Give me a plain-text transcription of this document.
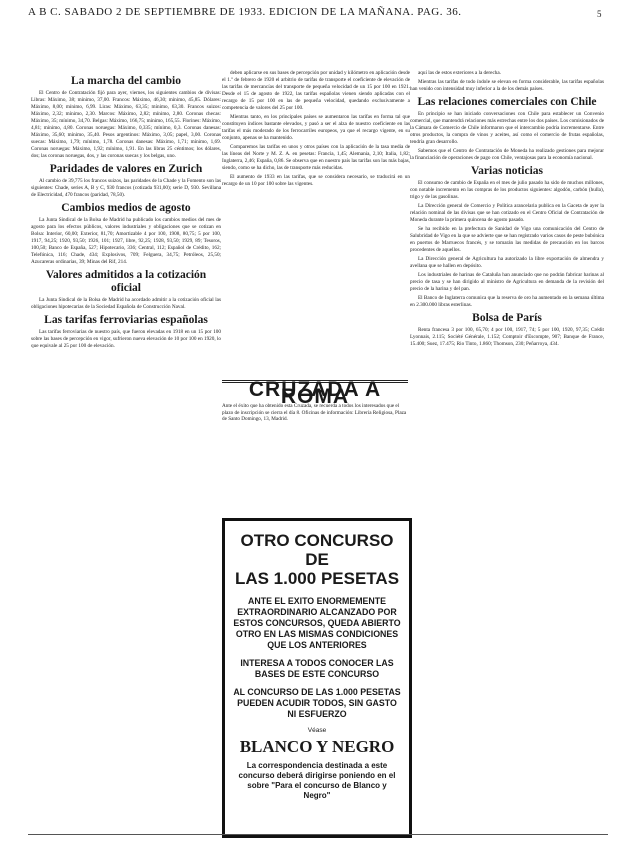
A B C. SABADO 2 DE SEPTIEMBRE DE 1933. EDICION DE LA MAÑANA. PAG. 36.	5
La marcha del cambio

El Centro de Contratación fijó para ayer, viernes, los siguientes cambios de divisas: Libras: Máximo, 38; mínimo, 37,00. Francos: Máximo, 46,30; mínimo, 45,85. Dólares: Máximo, 8,00; mínimo, 6,99. Liras: Máximo, 63,35; mínimo, 63,30. Francos suizos: Máximo, 2,32; mínimo, 2,30. Marcos: Máximo, 2,82; mínimo, 2,80. Coronas checas: Máximo, 35; mínimo, 34,70. Belgas: Máximo, 166,75; mínimo, 165,55. Florines: Máximo, 4,81; mínimo, 4,80. Coronas noruegas: Máximo, 0,335; mínimo, 0,3. Coronas danesas: Máximo, 35,60; mínimo, 35,40. Pesos argentinos: Máximo, 3,05; papel, 3,00. Coronas suecas: Máximo, 1,79; mínimo, 1,78. Coronas danesas: Máximo, 1,71; mínimo, 1,69. Coronas noruegas: Máximo, 1,92; mínimo, 1,91. En las libras 25 céntimos; los dólares, dos; las coronas noruegas, dos, y las coronas suecas y los belgas, uno.

Paridades de valores en Zurich

Al cambio de 39,775 los francos suizos, las paridades de la Chade y la Fomento son las siguientes: Chade, series A, B y C, 930 francos (cotizada 931,00); serie D, 930. Sevillana de Electricidad, 470 francos (paridad, 78,50).

Cambios medios de agosto

La Junta Sindical de la Bolsa de Madrid ha publicado los cambios medios del mes de agosto para los efectos públicos, valores industriales y obligaciones que se cotizan en Bolsa: Interior, 60,00; Exterior, 81,70; Amortizable 4 por 100, 1908, 80,75; 5 por 100, 1917, 94,25; 1920, 93,50; 1926, 101; 1927, libre, 92,25; 1928, 93,50; 1929, 89; Tesoros, 100,50; Banco de España, 527; Hipotecario, 336; Central, 112; Español de Crédito, 162; Telefónica, 116; Chade, 434; Explosivos, 709; Felguera, 34,75; Petróleos, 25,50; Azucareras ordinarias, 39; Minas del Rif, 214.

Valores admitidos a la cotización oficial

La Junta Sindical de la Bolsa de Madrid ha acordado admitir a la cotización oficial las obligaciones hipotecarias de la Sociedad Española de Construcción Naval.

Las tarifas ferroviarias españolas

Las tarifas ferroviarias de nuestro país, que fueron elevadas en 1918 en un 15 por 100 sobre las bases de percepción en vigor, sufrieron nueva elevación de 10 por 100 en 1920, lo que equivale al 25 por 100 de elevación.

deben aplicarse en sus bases de percepción por unidad y kilómetro en aplicación desde el 1.º de febrero de 1920 el arbitrio de tarifas de transporte el coeficiente de elevación de las tarifas de mercancías del transporte de pequeña velocidad de un 15 por 100 en 1921. Desde el 15 de agosto de 1922, las tarifas españolas vienen siendo aplicadas con el recargo de 15 por 100 en las de pequeña velocidad, quedando exclusivamente a competencia de valores del 25 por 100.

Mientras tanto, en los principales países se aumentaron las tarifas en forma tal que constituyen índices bastante elevados, y pasó a ser el alza de nuestro coeficiente en las tarifas el más moderado de los ferrocarriles europeos, ya que el recargo vigente, en su conjunto, apenas se ha mantenido.

Comparemos las tarifas en unos y otros países con la aplicación de la tasa media de las líneas del Norte y M. Z. A. en pesetas: Francia, 1,45; Alemania, 2,10; Italia, 1,82; Inglaterra, 2,46; España, 0,86. Se observa que en nuestro país las tarifas son las más bajas, siendo, como se ha dicho, las de transporte más reducidas.

El aumento de 1933 en las tarifas, que se considera necesario, se traducirá en un recargo de un 10 por 100 sobre las vigentes.

CRUZADA A ROMA
Ante el éxito que ha obtenido esta Cruzada, se recuerda a todos los interesados que el plazo de inscripción se cierra el día 8. Oficinas de información: Librería Religiosa, Plaza de Santo Domingo, 13, Madrid.
OTRO CONCURSO DE
LAS 1.000 PESETAS
ANTE EL EXITO ENORMEMENTE EXTRAORDINARIO ALCANZADO POR ESTOS CONCURSOS, QUEDA ABIERTO OTRO EN LAS MISMAS CONDICIONES QUE LOS ANTERIORES
INTERESA A TODOS CONOCER LAS BASES DE ESTE CONCURSO
AL CONCURSO DE LAS 1.000 PESETAS PUEDEN ACUDIR TODOS, SIN GASTO NI ESFUERZO
Véase
BLANCO Y NEGRO
La correspondencia destinada a este concurso deberá dirigirse poniendo en el sobre "Para el concurso de Blanco y Negro"

aquí las de estos exteriores a la derecha.

Mientras las tarifas de todo índole se elevan en forma considerable, las tarifas españolas han venido con intensidad muy inferior a la de los demás países.

Las relaciones comerciales con Chile

En principio se han iniciado conversaciones con Chile para establecer un Convenio comercial, que mantendrá relaciones más estrechas entre los dos países. Los comisionados de la Cámara de Comercio de Chile informaron que el intercambio podría incrementarse. Entre otros productos, la compra de vinos y aceites, así como el comercio de frutas españolas, tendría gran desarrollo.

Sabemos que el Centro de Contratación de Moneda ha realizado gestiones para mejorar la financiación de operaciones de pago con Chile, ventajosas para la economía nacional.

Varias noticias

El consumo de cambio de España en el mes de julio pasado ha sido de muchos millones, con notable incremento en las compras de los productos siguientes: algodón, carbón (hulla), trigo y de las gasolinas.

La Dirección general de Comercio y Política arancelaria publica en la Gaceta de ayer la relación nominal de las divisas que se han cotizado en el Centro Oficial de Contratación de Moneda durante la primera quincena de agosto pasado.

Se ha recibido en la prefectura de Sanidad de Vigo una comunicación del Centro de Salubridad de Vigo en la que se advierte que se han registrado varios casos de peste bubónica en puertos de Marruecos francés, y se tomarán las medidas de precaución en los barcos procedentes de aquellos.

La Dirección general de Agricultura ha autorizado la libre exportación de almendra y avellana que se hallen en depósito.

Los industriales de harinas de Cataluña han anunciado que no podrán fabricar harinas al precio de tasa y se han dirigido al ministro de Agricultura en demanda de la revisión del precio de la harina y del pan.

El Banco de Inglaterra comunica que la reserva de oro ha aumentado en la semana última en 2.300.000 libras esterlinas.

Bolsa de París

Renta francesa 3 por 100, 65,70; 4 por 100, 1917, 74; 5 por 100, 1920, 97,35; Crédit Lyonnais, 2.115; Société Générale, 1.152; Comptoir d'Escompte, 907; Banque de France, 15.400; Suez, 17.475; Rio Tinto, 1.860; Thomson, 230; Peñarroya, 434.
